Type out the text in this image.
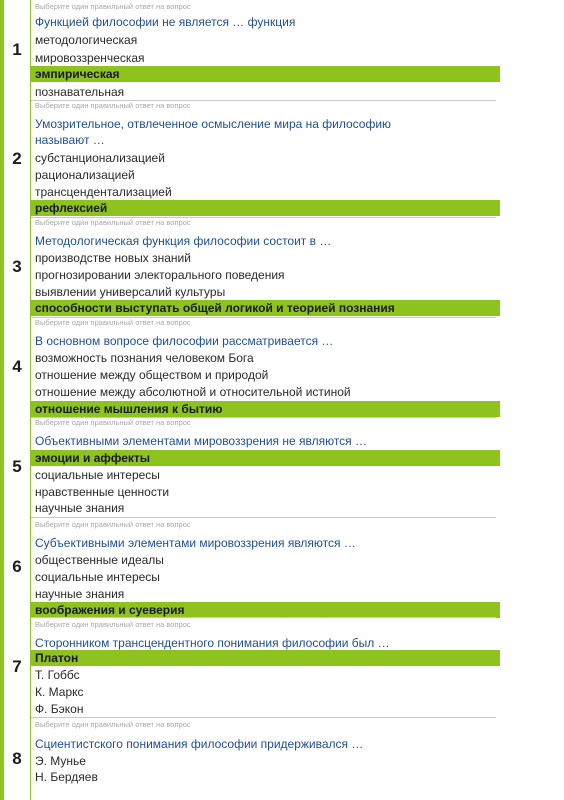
1
Выберите один правильный ответ на вопрос
Функцией философии не является … функция
методологическая
мировоззренческая
эмпирическая
познавательная
2
Выберите один правильный ответ на вопрос
Умозрительное, отвлеченное осмысление мира на философию
называют …
субстанционализацией
рационализацией
трансцендентализацией
рефлексией
3
Выберите один правильный ответ на вопрос
Методологическая функция философии состоит в …
производстве новых знаний
прогнозировании электорального поведения
выявлении универсалий культуры
способности выступать общей логикой и теорией познания
4
Выберите один правильный ответ на вопрос
В основном вопросе философии рассматривается …
возможность познания человеком Бога
отношение между обществом и природой
отношение между абсолютной и относительной истиной
отношение мышления к бытию
5
Выберите один правильный ответ на вопрос
Объективными элементами мировоззрения не являются …
эмоции и аффекты
социальные интересы
нравственные ценности
научные знания
6
Выберите один правильный ответ на вопрос
Субъективными элементами мировоззрения являются …
общественные идеалы
социальные интересы
научные знания
воображения и суеверия
7
Выберите один правильный ответ на вопрос
Сторонником трансцендентного понимания философии был …
Платон
Т. Гоббс
К. Маркс
Ф. Бэкон
8
Выберите один правильный ответ на вопрос
Сциентистского понимания философии придерживался …
Э. Мунье
Н. Бердяев
